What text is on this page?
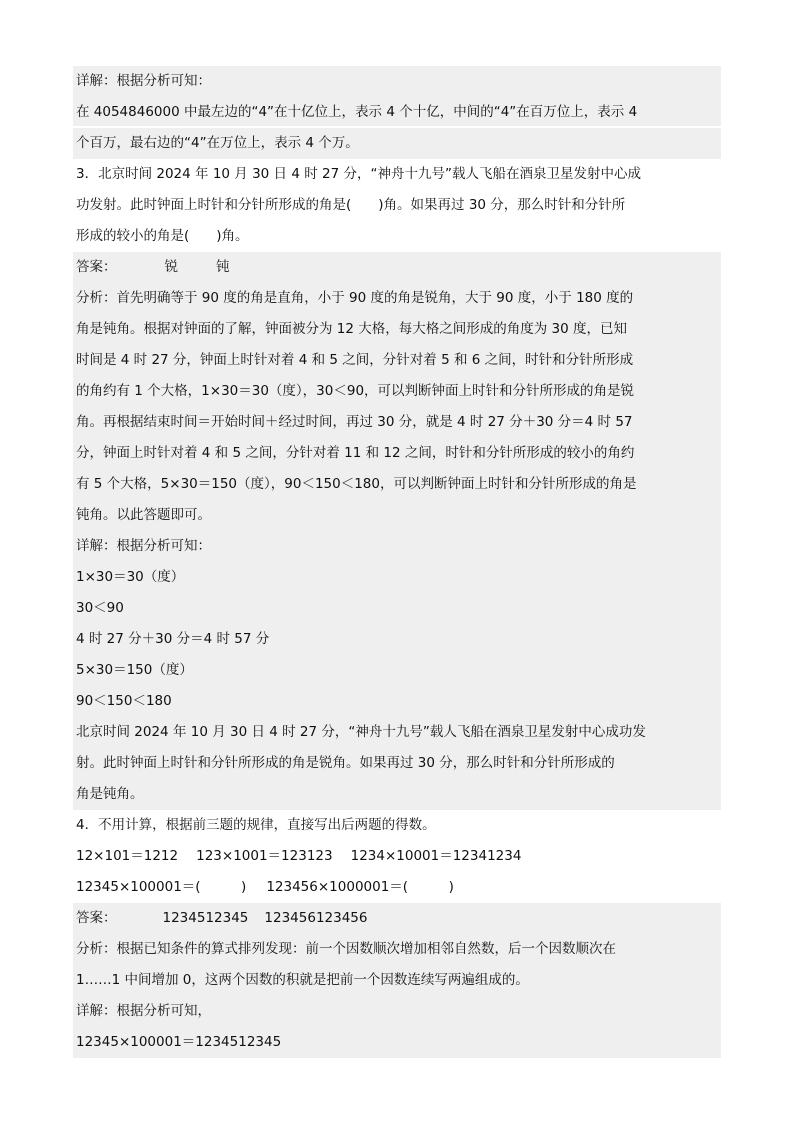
详解：根据分析可知：
在 4054846000 中最左边的“4”在十亿位上，表示 4 个十亿，中间的“4”在百万位上，表示 4
个百万，最右边的“4”在万位上，表示 4 个万。
3．北京时间 2024 年 10 月 30 日 4 时 27 分，“神舟十九号”载人飞船在酒泉卫星发射中心成
功发射。此时钟面上时针和分针所形成的角是(　　)角。如果再过 30 分，那么时针和分针所
形成的较小的角是(　　)角。
答案：	锐	钝
分析：首先明确等于 90 度的角是直角，小于 90 度的角是锐角，大于 90 度，小于 180 度的
角是钝角。根据对钟面的了解，钟面被分为 12 大格，每大格之间形成的角度为 30 度，已知
时间是 4 时 27 分，钟面上时针对着 4 和 5 之间，分针对着 5 和 6 之间，时针和分针所形成
的角约有 1 个大格，1×30＝30（度），30＜90，可以判断钟面上时针和分针所形成的角是锐
角。再根据结束时间＝开始时间＋经过时间，再过 30 分，就是 4 时 27 分＋30 分＝4 时 57
分，钟面上时针对着 4 和 5 之间，分针对着 11 和 12 之间，时针和分针所形成的较小的角约
有 5 个大格，5×30＝150（度），90＜150＜180，可以判断钟面上时针和分针所形成的角是
钝角。以此答题即可。
详解：根据分析可知：
1×30＝30（度）
30＜90
4 时 27 分＋30 分＝4 时 57 分
5×30＝150（度）
90＜150＜180
北京时间 2024 年 10 月 30 日 4 时 27 分，“神舟十九号”载人飞船在酒泉卫星发射中心成功发
射。此时钟面上时针和分针所形成的角是锐角。如果再过 30 分，那么时针和分针所形成的
角是钝角。
4．不用计算，根据前三题的规律，直接写出后两题的得数。
12×101＝1212 123×1001＝123123 1234×10001＝12341234
12345×100001＝(　　　) 123456×1000001＝(　　　)
答案：	1234512345 123456123456
分析：根据已知条件的算式排列发现：前一个因数顺次增加相邻自然数，后一个因数顺次在
1……1 中间增加 0，这两个因数的积就是把前一个因数连续写两遍组成的。
详解：根据分析可知，
12345×100001＝1234512345
